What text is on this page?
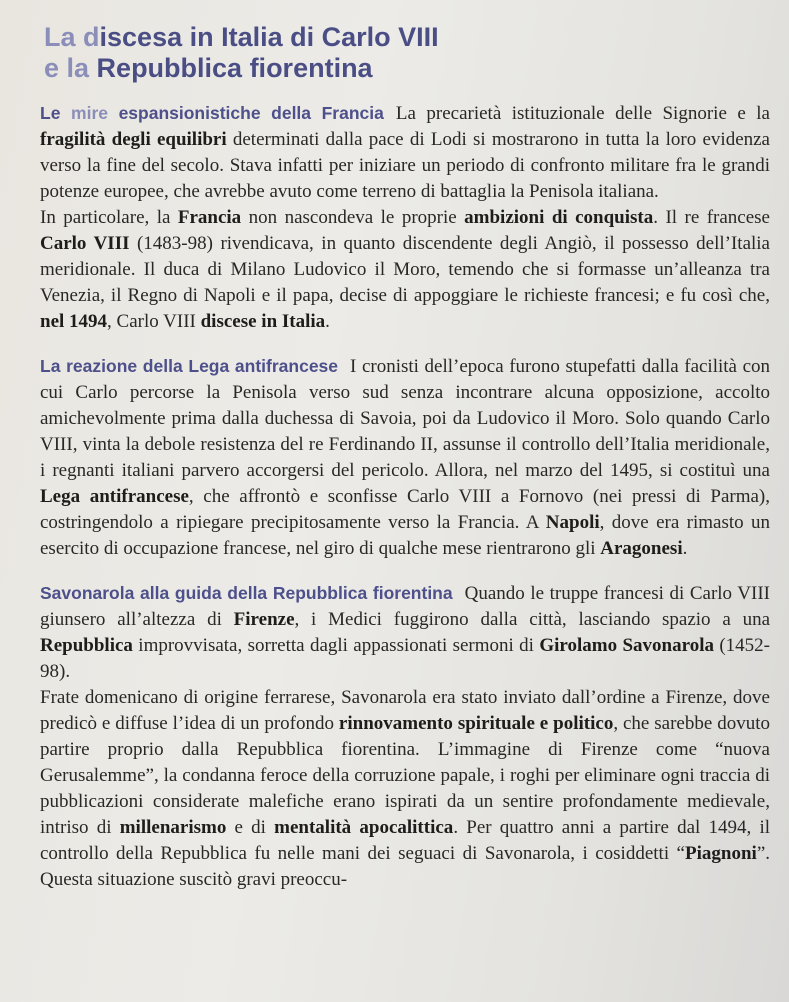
La discesa in Italia di Carlo VIII
e la Repubblica fiorentina

Le mire espansionistiche della Francia La precarietà istituzionale delle Signorie e la fragilità degli equilibri determinati dalla pace di Lodi si mostrarono in tutta la loro evidenza verso la fine del secolo. Stava infatti per iniziare un periodo di confronto militare fra le grandi potenze europee, che avrebbe avuto come terreno di battaglia la Penisola italiana.

In particolare, la Francia non nascondeva le proprie ambizioni di conquista. Il re francese Carlo VIII (1483-98) rivendicava, in quanto discendente degli Angiò, il possesso dell’Italia meridionale. Il duca di Milano Ludovico il Moro, temendo che si formasse un’alleanza tra Venezia, il Regno di Napoli e il papa, decise di appoggiare le richieste francesi; e fu così che, nel 1494, Carlo VIII discese in Italia.

La reazione della Lega antifrancese I cronisti dell’epoca furono stupefatti dalla facilità con cui Carlo percorse la Penisola verso sud senza incontrare alcuna opposizione, accolto amichevolmente prima dalla duchessa di Savoia, poi da Ludovico il Moro. Solo quando Carlo VIII, vinta la debole resistenza del re Ferdinando II, assunse il controllo dell’Italia meridionale, i regnanti italiani parvero accorgersi del pericolo. Allora, nel marzo del 1495, si costituì una Lega antifrancese, che affrontò e sconfisse Carlo VIII a Fornovo (nei pressi di Parma), costringendolo a ripiegare precipitosamente verso la Francia. A Napoli, dove era rimasto un esercito di occupazione francese, nel giro di qualche mese rientrarono gli Aragonesi.

Savonarola alla guida della Repubblica fiorentina Quando le truppe francesi di Carlo VIII giunsero all’altezza di Firenze, i Medici fuggirono dalla città, lasciando spazio a una Repubblica improvvisata, sorretta dagli appassionati sermoni di Girolamo Savonarola (1452-98).

Frate domenicano di origine ferrarese, Savonarola era stato inviato dall’ordine a Firenze, dove predicò e diffuse l’idea di un profondo rinnovamento spirituale e politico, che sarebbe dovuto partire proprio dalla Repubblica fiorentina. L’immagine di Firenze come “nuova Gerusalemme”, la condanna feroce della corruzione papale, i roghi per eliminare ogni traccia di pubblicazioni considerate malefiche erano ispirati da un sentire profondamente medievale, intriso di millenarismo e di mentalità apocalittica. Per quattro anni a partire dal 1494, il controllo della Repubblica fu nelle mani dei seguaci di Savonarola, i cosiddetti “Piagnoni”. Questa situazione suscitò gravi preoccu-
